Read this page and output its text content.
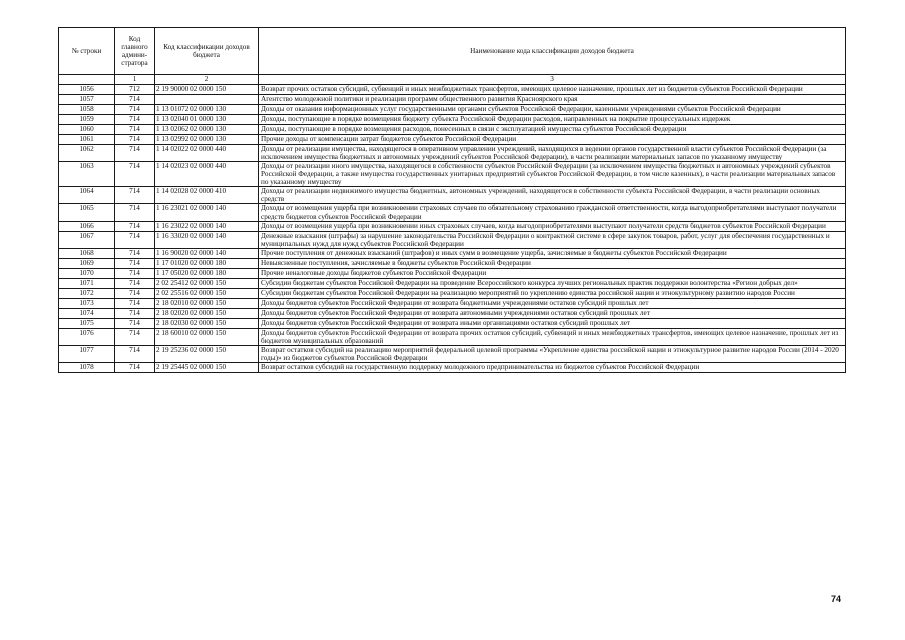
№ строки	Код главного админи-стратора	Код классификации доходов бюджета	Наименование кода классификации доходов бюджета
	1	2	3
1056	712	2 19 90000 02 0000 150	Возврат прочих остатков субсидий, субвенций и иных межбюджетных трансфертов, имеющих целевое назначение, прошлых лет из бюджетов субъектов Российской Федерации
1057	714		Агентство молодежной политики и реализации программ общественного развития Красноярского края
1058	714	1 13 01072 02 0000 130	Доходы от оказания информационных услуг государственными органами субъектов Российской Федерации, казенными учреждениями субъектов Российской Федерации
1059	714	1 13 02040 01 0000 130	Доходы, поступающие в порядке возмещения бюджету субъекта Российской Федерации расходов, направленных на покрытие процессуальных издержек
1060	714	1 13 02062 02 0000 130	Доходы, поступающие в порядке возмещения расходов, понесенных в связи с эксплуатацией имущества субъектов Российской Федерации
1061	714	1 13 02992 02 0000 130	Прочие доходы от компенсации затрат бюджетов субъектов Российской Федерации
1062	714	1 14 02022 02 0000 440	Доходы от реализации имущества, находящегося в оперативном управлении учреждений, находящихся в ведении органов государственной власти субъектов Российской Федерации (за исключением имущества бюджетных и автономных учреждений субъектов Российской Федерации), в части реализации материальных запасов по указанному имуществу
1063	714	1 14 02023 02 0000 440	Доходы от реализации иного имущества, находящегося в собственности субъектов Российской Федерации (за исключением имущества бюджетных и автономных учреждений субъектов Российской Федерации, а также имущества государственных унитарных предприятий субъектов Российской Федерации, в том числе казенных), в части реализации материальных запасов по указанному имуществу
1064	714	1 14 02028 02 0000 410	Доходы от реализации недвижимого имущества бюджетных, автономных учреждений, находящегося в собственности субъекта Российской Федерации, в части реализации основных средств
1065	714	1 16 23021 02 0000 140	Доходы от возмещения ущерба при возникновении страховых случаев по обязательному страхованию гражданской ответственности, когда выгодоприобретателями выступают получатели средств бюджетов субъектов Российской Федерации
1066	714	1 16 23022 02 0000 140	Доходы от возмещения ущерба при возникновении иных страховых случаев, когда выгодоприобретателями выступают получатели средств бюджетов субъектов Российской Федерации
1067	714	1 16 33020 02 0000 140	Денежные взыскания (штрафы) за нарушение законодательства Российской Федерации о контрактной системе в сфере закупок товаров, работ, услуг для обеспечения государственных и муниципальных нужд для нужд субъектов Российской Федерации
1068	714	1 16 90020 02 0000 140	Прочие поступления от денежных взысканий (штрафов) и иных сумм в возмещение ущерба, зачисляемые в бюджеты субъектов Российской Федерации
1069	714	1 17 01020 02 0000 180	Невыясненные поступления, зачисляемые в бюджеты субъектов Российской Федерации
1070	714	1 17 05020 02 0000 180	Прочие неналоговые доходы бюджетов субъектов Российской Федерации
1071	714	2 02 25412 02 0000 150	Субсидии бюджетам субъектов Российской Федерации на проведение Всероссийского конкурса лучших региональных практик поддержки волонтерства «Регион добрых дел»
1072	714	2 02 25516 02 0000 150	Субсидии бюджетам субъектов Российской Федерации на реализацию мероприятий по укреплению единства российской нации и этнокультурному развитию народов России
1073	714	2 18 02010 02 0000 150	Доходы бюджетов субъектов Российской Федерации от возврата бюджетными учреждениями остатков субсидий прошлых лет
1074	714	2 18 02020 02 0000 150	Доходы бюджетов субъектов Российской Федерации от возврата автономными учреждениями остатков субсидий прошлых лет
1075	714	2 18 02030 02 0000 150	Доходы бюджетов субъектов Российской Федерации от возврата иными организациями остатков субсидий прошлых лет
1076	714	2 18 60010 02 0000 150	Доходы бюджетов субъектов Российской Федерации от возврата прочих остатков субсидий, субвенций и иных межбюджетных трансфертов, имеющих целевое назначение, прошлых лет из бюджетов муниципальных образований
1077	714	2 19 25236 02 0000 150	Возврат остатков субсидий на реализацию мероприятий федеральной целевой программы «Укрепление единства российской нации и этнокультурное развитие народов России (2014 - 2020 годы)» из бюджетов субъектов Российской Федерации
1078	714	2 19 25445 02 0000 150	Возврат остатков субсидий на государственную поддержку молодежного предпринимательства из бюджетов субъектов Российской Федерации
74
